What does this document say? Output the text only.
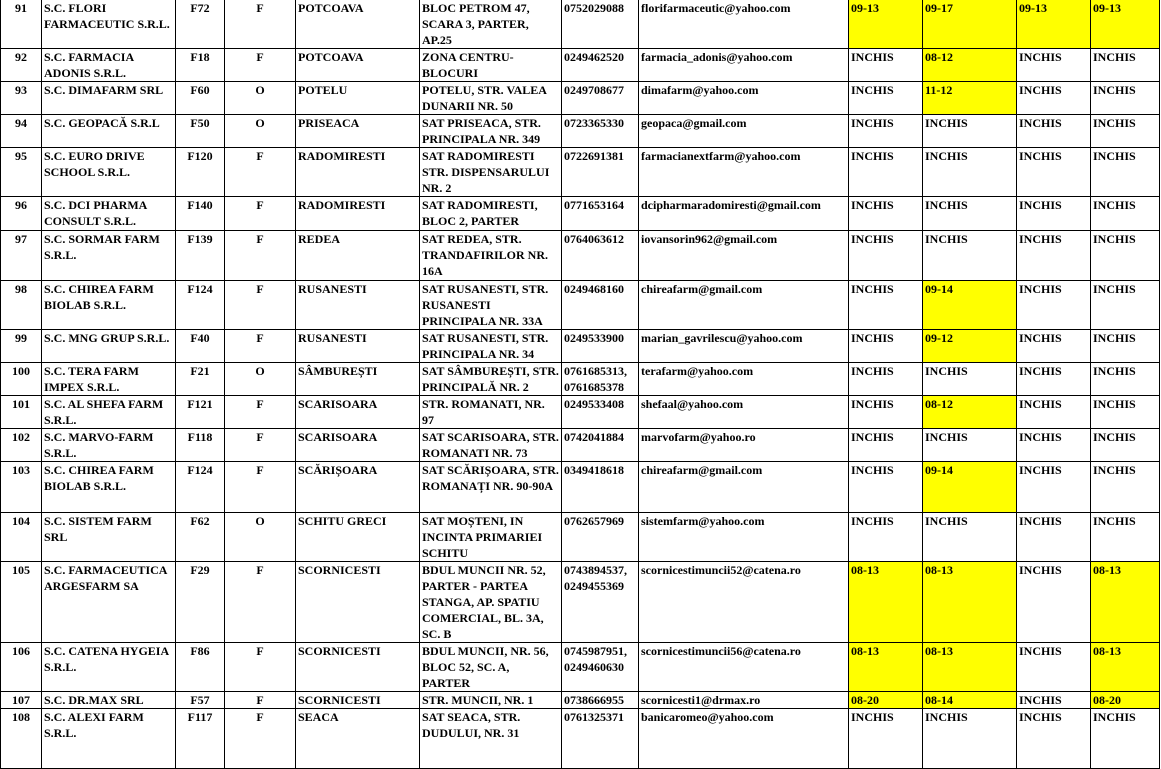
91	S.C. FLORI FARMACEUTIC S.R.L.	F72	F	POTCOAVA	BLOC PETROM 47, SCARA 3, PARTER, AP.25	0752029088	florifarmaceutic@yahoo.com	09-13	09-17	09-13	09-13
92	S.C. FARMACIA ADONIS S.R.L.	F18	F	POTCOAVA	ZONA CENTRU-BLOCURI	0249462520	farmacia_adonis@yahoo.com	INCHIS	08-12	INCHIS	INCHIS
93	S.C. DIMAFARM SRL	F60	O	POTELU	POTELU, STR. VALEA DUNARII NR. 50	0249708677	dimafarm@yahoo.com	INCHIS	11-12	INCHIS	INCHIS
94	S.C. GEOPACĂ S.R.L	F50	O	PRISEACA	SAT PRISEACA, STR. PRINCIPALA NR. 349	0723365330	geopaca@gmail.com	INCHIS	INCHIS	INCHIS	INCHIS
95	S.C. EURO DRIVE SCHOOL S.R.L.	F120	F	RADOMIRESTI	SAT RADOMIRESTI STR. DISPENSARULUI NR. 2	0722691381	farmacianextfarm@yahoo.com	INCHIS	INCHIS	INCHIS	INCHIS
96	S.C. DCI PHARMA CONSULT S.R.L.	F140	F	RADOMIRESTI	SAT RADOMIRESTI, BLOC 2, PARTER	0771653164	dcipharmaradomiresti@gmail.com	INCHIS	INCHIS	INCHIS	INCHIS
97	S.C. SORMAR FARM S.R.L.	F139	F	REDEA	SAT REDEA, STR. TRANDAFIRILOR NR. 16A	0764063612	iovansorin962@gmail.com	INCHIS	INCHIS	INCHIS	INCHIS
98	S.C. CHIREA FARM BIOLAB S.R.L.	F124	F	RUSANESTI	SAT RUSANESTI, STR. RUSANESTI PRINCIPALA NR. 33A	0249468160	chireafarm@gmail.com	INCHIS	09-14	INCHIS	INCHIS
99	S.C. MNG GRUP S.R.L.	F40	F	RUSANESTI	SAT RUSANESTI, STR. PRINCIPALA NR. 34	0249533900	marian_gavrilescu@yahoo.com	INCHIS	09-12	INCHIS	INCHIS
100	S.C. TERA FARM IMPEX S.R.L.	F21	O	SÂMBUREȘTI	SAT SÂMBUREȘTI, STR. PRINCIPALĂ NR. 2	0761685313, 0761685378	terafarm@yahoo.com	INCHIS	INCHIS	INCHIS	INCHIS
101	S.C. AL SHEFA FARM S.R.L.	F121	F	SCARISOARA	STR. ROMANATI, NR. 97	0249533408	shefaal@yahoo.com	INCHIS	08-12	INCHIS	INCHIS
102	S.C. MARVO-FARM S.R.L.	F118	F	SCARISOARA	SAT SCARISOARA, STR. ROMANATI NR. 73	0742041884	marvofarm@yahoo.ro	INCHIS	INCHIS	INCHIS	INCHIS
103	S.C. CHIREA FARM BIOLAB S.R.L.	F124	F	SCĂRIȘOARA	SAT SCĂRIȘOARA, STR. ROMANAȚI NR. 90-90A	0349418618	chireafarm@gmail.com	INCHIS	09-14	INCHIS	INCHIS
104	S.C. SISTEM FARM SRL	F62	O	SCHITU GRECI	SAT MOȘTENI, IN INCINTA PRIMARIEI SCHITU	0762657969	sistemfarm@yahoo.com	INCHIS	INCHIS	INCHIS	INCHIS
105	S.C. FARMACEUTICA ARGESFARM SA	F29	F	SCORNICESTI	BDUL MUNCII NR. 52, PARTER - PARTEA STANGA, AP. SPATIU COMERCIAL, BL. 3A, SC. B	0743894537, 0249455369	scornicestimuncii52@catena.ro	08-13	08-13	INCHIS	08-13
106	S.C. CATENA HYGEIA S.R.L.	F86	F	SCORNICESTI	BDUL MUNCII, NR. 56, BLOC 52, SC. A, PARTER	0745987951, 0249460630	scornicestimuncii56@catena.ro	08-13	08-13	INCHIS	08-13
107	S.C. DR.MAX SRL	F57	F	SCORNICESTI	STR. MUNCII, NR. 1	0738666955	scornicesti1@drmax.ro	08-20	08-14	INCHIS	08-20
108	S.C. ALEXI FARM S.R.L.	F117	F	SEACA	SAT SEACA, STR. DUDULUI, NR. 31	0761325371	banicaromeo@yahoo.com	INCHIS	INCHIS	INCHIS	INCHIS
